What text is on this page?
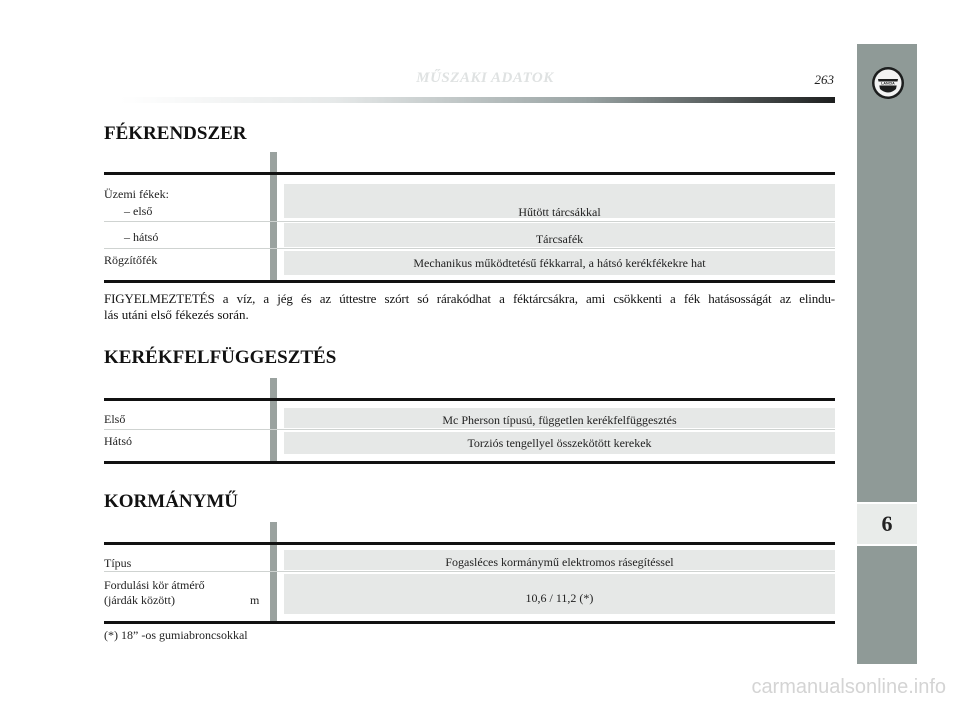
MŰSZAKI ADATOK	263	LANCIA
6
FÉKRENDSZER
Üzemi fékek:
– első	Hűtött tárcsákkal
– hátsó	Tárcsafék
Rögzítőfék	Mechanikus működtetésű fékkarral, a hátsó kerékfékekre hat
FIGYELMEZTETÉS a víz, a jég és az úttestre szórt só rárakódhat a féktárcsákra, ami csökkenti a fék hatásosságát az elindu-
lás utáni első fékezés során.
KERÉKFELFÜGGESZTÉS
Első	Mc Pherson típusú, független kerékfelfüggesztés
Hátsó	Torziós tengellyel összekötött kerekek
KORMÁNYMŰ
Típus	Fogasléces kormánymű elektromos rásegítéssel
Fordulási kör átmérő
(járdák között)	m	10,6 / 11,2 (*)
(*) 18” -os gumiabroncsokkal
carmanualsonline.info
